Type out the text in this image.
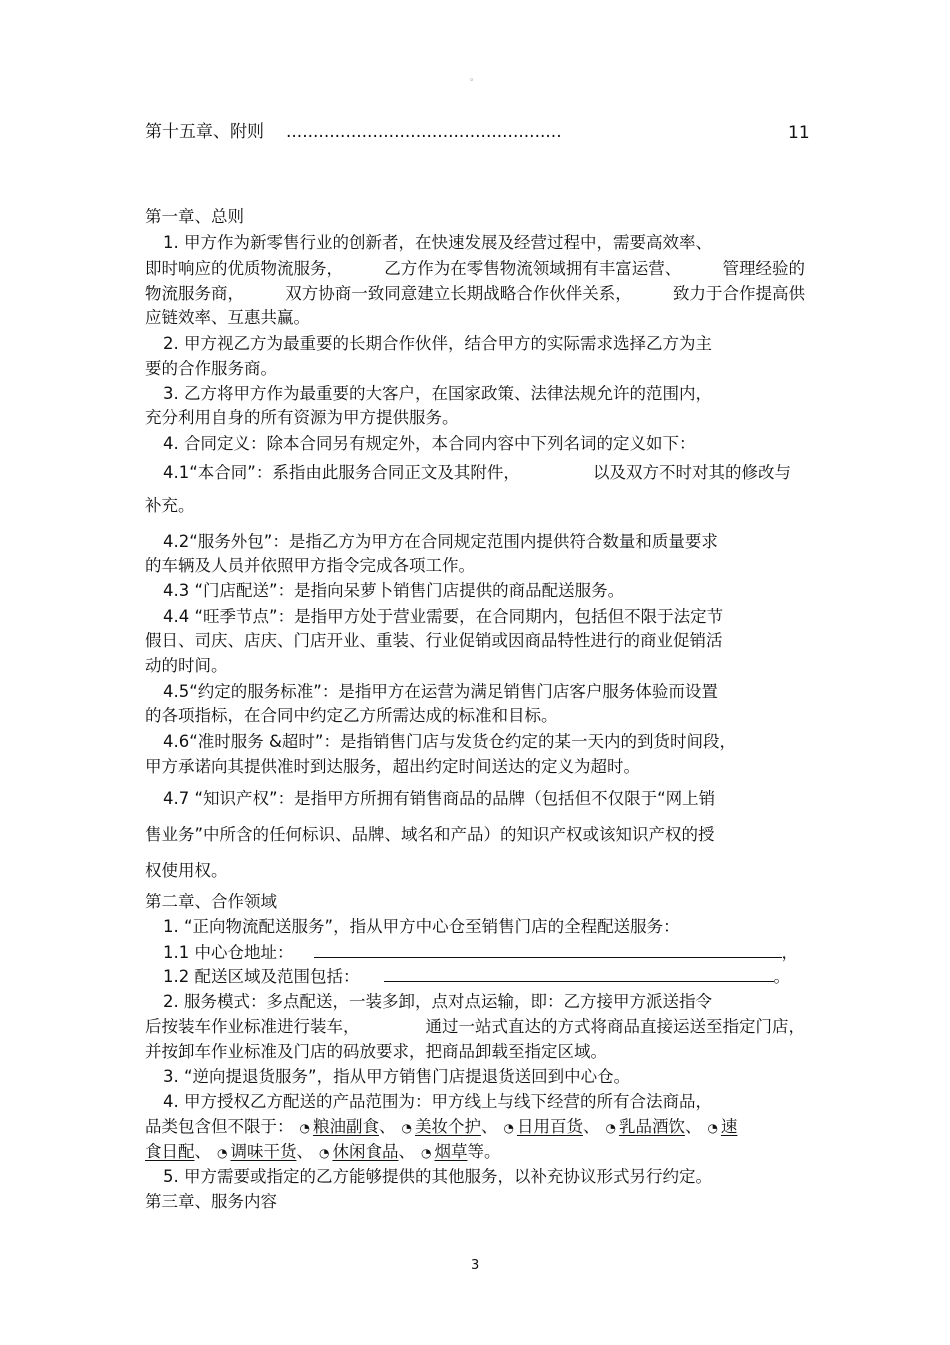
。
第十五章、附则 ...................................................	11
第一章、总则
1. 甲方作为新零售行业的创新者，在快速发展及经营过程中，需要高效率、
即时响应的优质物流服务，	乙方作为在零售物流领域拥有丰富运营、	管理经验的
物流服务商，	双方协商一致同意建立长期战略合作伙伴关系，	致力于合作提高供
应链效率、互惠共赢。
2. 甲方视乙方为最重要的长期合作伙伴，结合甲方的实际需求选择乙方为主
要的合作服务商。
3. 乙方将甲方作为最重要的大客户，在国家政策、法律法规允许的范围内，
充分利用自身的所有资源为甲方提供服务。
4. 合同定义：除本合同另有规定外，本合同内容中下列名词的定义如下：
4.1“本合同”：系指由此服务合同正文及其附件，	以及双方不时对其的修改与
补充。
4.2“服务外包”：是指乙方为甲方在合同规定范围内提供符合数量和质量要求
的车辆及人员并依照甲方指令完成各项工作。
4.3 “门店配送”：是指向呆萝卜销售门店提供的商品配送服务。
4.4 “旺季节点”：是指甲方处于营业需要，在合同期内，包括但不限于法定节
假日、司庆、店庆、门店开业、重装、行业促销或因商品特性进行的商业促销活
动的时间。
4.5“约定的服务标准”：是指甲方在运营为满足销售门店客户服务体验而设置
的各项指标，在合同中约定乙方所需达成的标准和目标。
4.6“准时服务 &超时”：是指销售门店与发货仓约定的某一天内的到货时间段，
甲方承诺向其提供准时到达服务，超出约定时间送达的定义为超时。
4.7 “知识产权”：是指甲方所拥有销售商品的品牌（包括但不仅限于“网上销
售业务”中所含的任何标识、品牌、域名和产品）的知识产权或该知识产权的授
权使用权。
第二章、合作领域
1. “正向物流配送服务”，指从甲方中心仓至销售门店的全程配送服务：
1.1 中心仓地址：	，
1.2 配送区域及范围包括：	。
2. 服务模式：多点配送，一装多卸，点对点运输，即：乙方接甲方派送指令
后按装车作业标准进行装车，	通过一站式直达的方式将商品直接运送至指定门店，
并按卸车作业标准及门店的码放要求，把商品卸载至指定区域。
3. “逆向提退货服务”，指从甲方销售门店提退货送回到中心仓。
4. 甲方授权乙方配送的产品范围为：甲方线上与线下经营的所有合法商品，
品类包含但不限于： ◔ 粮油副食、 ◔ 美妆个护、 ◔ 日用百货、 ◔ 乳品酒饮、 ◔ 速
食日配、 ◔ 调味干货、 ◔ 休闲食品、 ◔ 烟草等。
5. 甲方需要或指定的乙方能够提供的其他服务，以补充协议形式另行约定。
第三章、服务内容
3
